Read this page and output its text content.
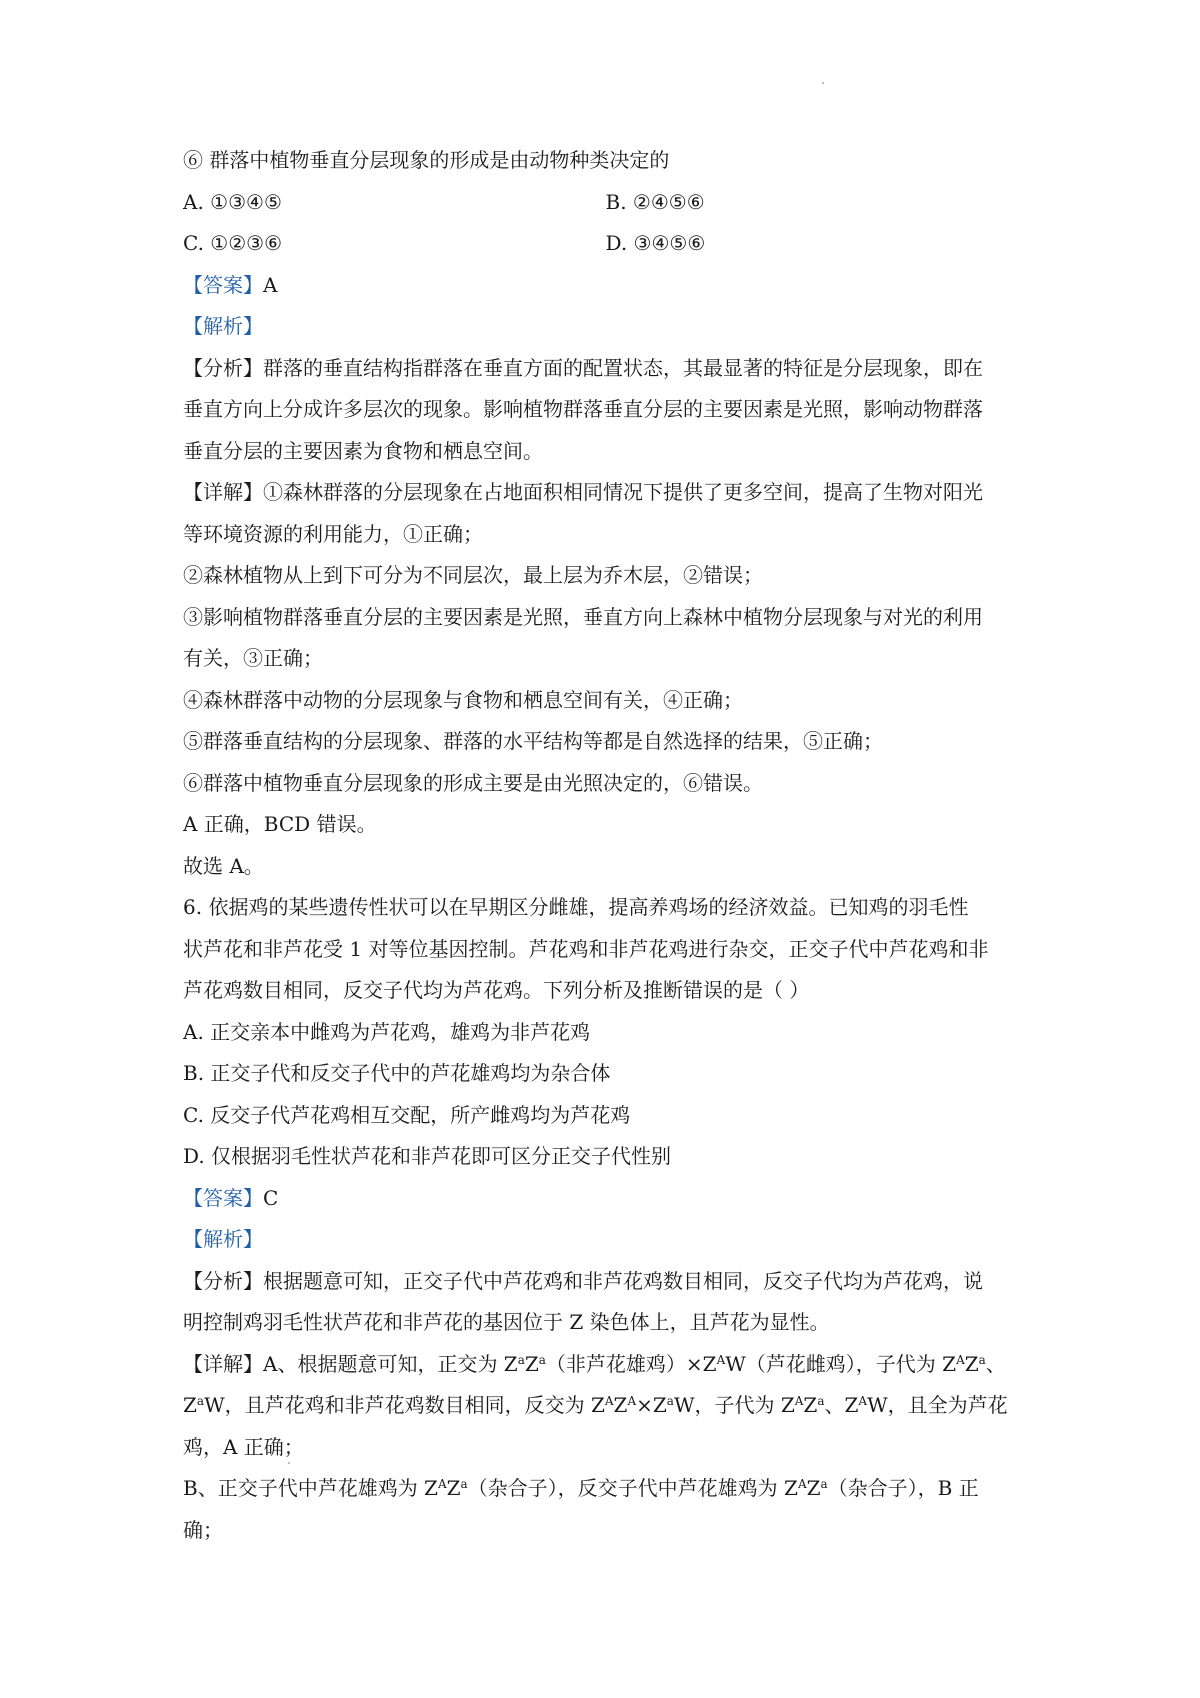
⑥ 群落中植物垂直分层现象的形成是由动物种类决定的
A. ①③④⑤	B. ②④⑤⑥
C. ①②③⑥	D. ③④⑤⑥
【答案】A
【解析】
【分析】群落的垂直结构指群落在垂直方面的配置状态，其最显著的特征是分层现象，即在
垂直方向上分成许多层次的现象。影响植物群落垂直分层的主要因素是光照，影响动物群落
垂直分层的主要因素为食物和栖息空间。
【详解】①森林群落的分层现象在占地面积相同情况下提供了更多空间，提高了生物对阳光
等环境资源的利用能力，①正确；
②森林植物从上到下可分为不同层次，最上层为乔木层，②错误；
③影响植物群落垂直分层的主要因素是光照，垂直方向上森林中植物分层现象与对光的利用
有关，③正确；
④森林群落中动物的分层现象与食物和栖息空间有关，④正确；
⑤群落垂直结构的分层现象、群落的水平结构等都是自然选择的结果，⑤正确；
⑥群落中植物垂直分层现象的形成主要是由光照决定的，⑥错误。
A 正确，BCD 错误。
故选 A。
6. 依据鸡的某些遗传性状可以在早期区分雌雄，提高养鸡场的经济效益。已知鸡的羽毛性
状芦花和非芦花受 1 对等位基因控制。芦花鸡和非芦花鸡进行杂交，正交子代中芦花鸡和非
芦花鸡数目相同，反交子代均为芦花鸡。下列分析及推断错误的是（ ）
A. 正交亲本中雌鸡为芦花鸡，雄鸡为非芦花鸡
B. 正交子代和反交子代中的芦花雄鸡均为杂合体
C. 反交子代芦花鸡相互交配，所产雌鸡均为芦花鸡
D. 仅根据羽毛性状芦花和非芦花即可区分正交子代性别
【答案】C
【解析】
【分析】根据题意可知，正交子代中芦花鸡和非芦花鸡数目相同，反交子代均为芦花鸡，说
明控制鸡羽毛性状芦花和非芦花的基因位于 Z 染色体上，且芦花为显性。
【详解】A、根据题意可知，正交为 $Z^aZ^a$（非芦花雄鸡）$\times Z^AW$（芦花雌鸡），子代为 $Z^AZ^a$、
$Z^aW$，且芦花鸡和非芦花鸡数目相同，反交为 $Z^AZ^A\times Z^aW$，子代为 $Z^AZ^a$、$Z^AW$，且全为芦花
鸡，A 正确；
B、正交子代中芦花雄鸡为 $Z^AZ^a$（杂合子），反交子代中芦花雄鸡为 $Z^AZ^a$（杂合子），B 正
确；
